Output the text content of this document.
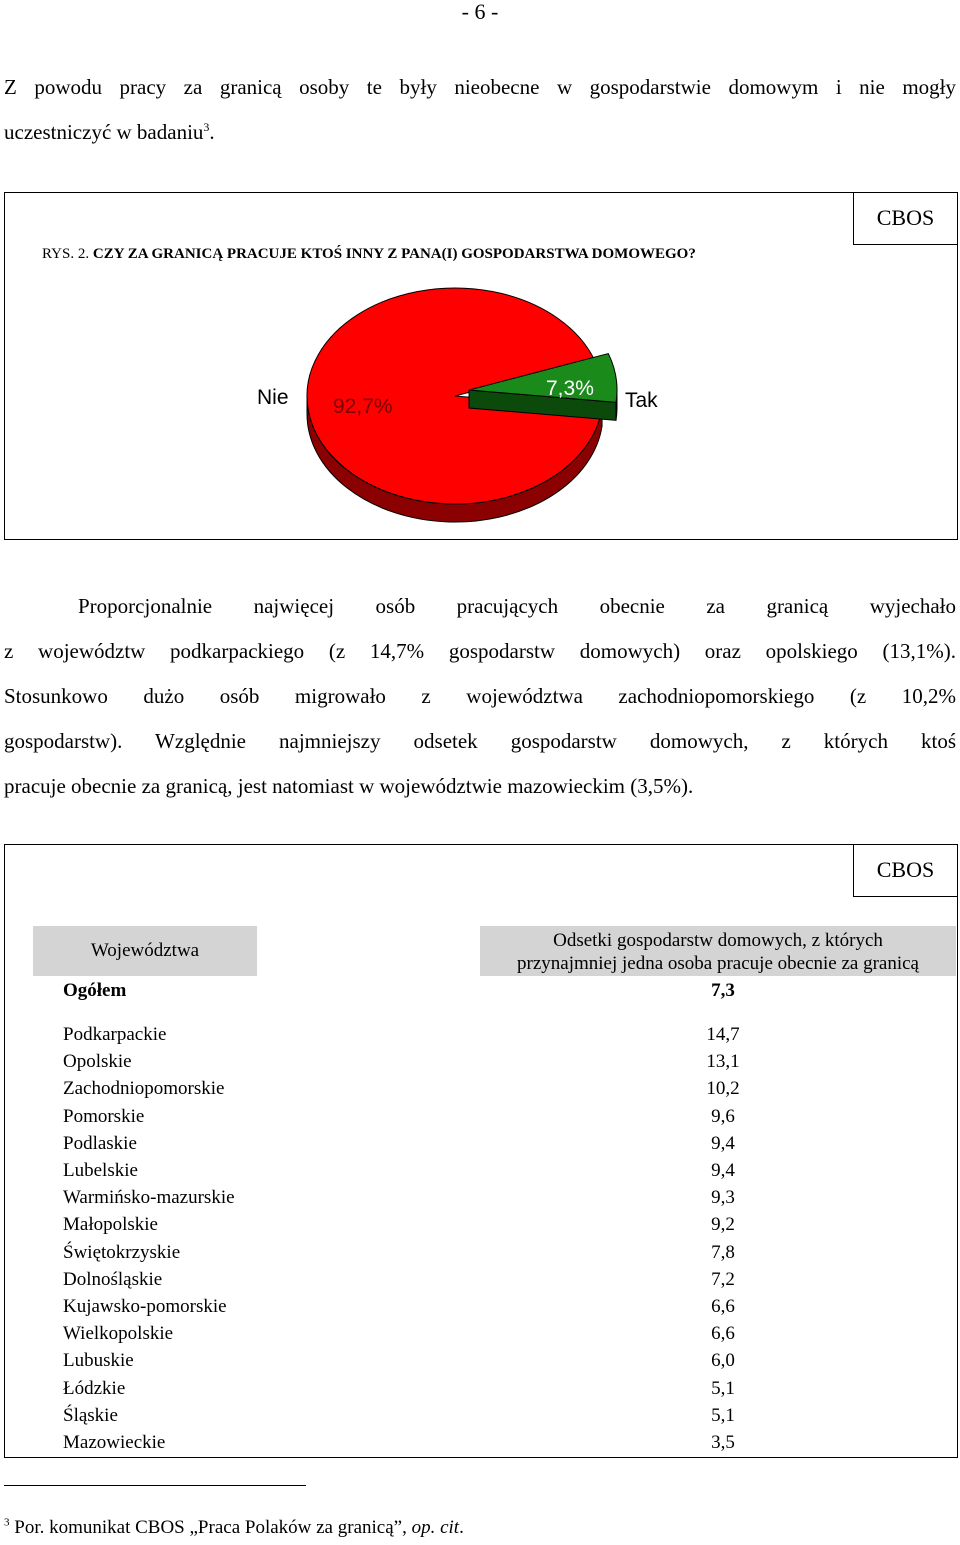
- 6 -
Z powodu pracy za granicą osoby te były nieobecne w gospodarstwie domowym i nie mogły
uczestniczyć w badaniu$^3$.
CBOS
RYS. 2. CZY ZA GRANICĄ PRACUJE KTOŚ INNY Z PANA(I) GOSPODARSTWA DOMOWEGO?
Nie	Tak
92,7%
7,3%
Proporcjonalnie najwięcej osób pracujących obecnie za granicą wyjechało
z województw podkarpackiego (z 14,7% gospodarstw domowych) oraz opolskiego (13,1%).
Stosunkowo dużo osób migrowało z województwa zachodniopomorskiego (z 10,2%
gospodarstw). Względnie najmniejszy odsetek gospodarstw domowych, z których ktoś
pracuje obecnie za granicą, jest natomiast w województwie mazowieckim (3,5%).
CBOS
Województwa	Odsetki gospodarstw domowych, z których
przynajmniej jedna osoba pracuje obecnie za granicą
Ogółem	7,3
Podkarpackie	14,7
Opolskie	13,1
Zachodniopomorskie	10,2
Pomorskie	9,6
Podlaskie	9,4
Lubelskie	9,4
Warmińsko-mazurskie	9,3
Małopolskie	9,2
Świętokrzyskie	7,8
Dolnośląskie	7,2
Kujawsko-pomorskie	6,6
Wielkopolskie	6,6
Lubuskie	6,0
Łódzkie	5,1
Śląskie	5,1
Mazowieckie	3,5
$^3$ Por. komunikat CBOS „Praca Polaków za granicą”, op. cit.
